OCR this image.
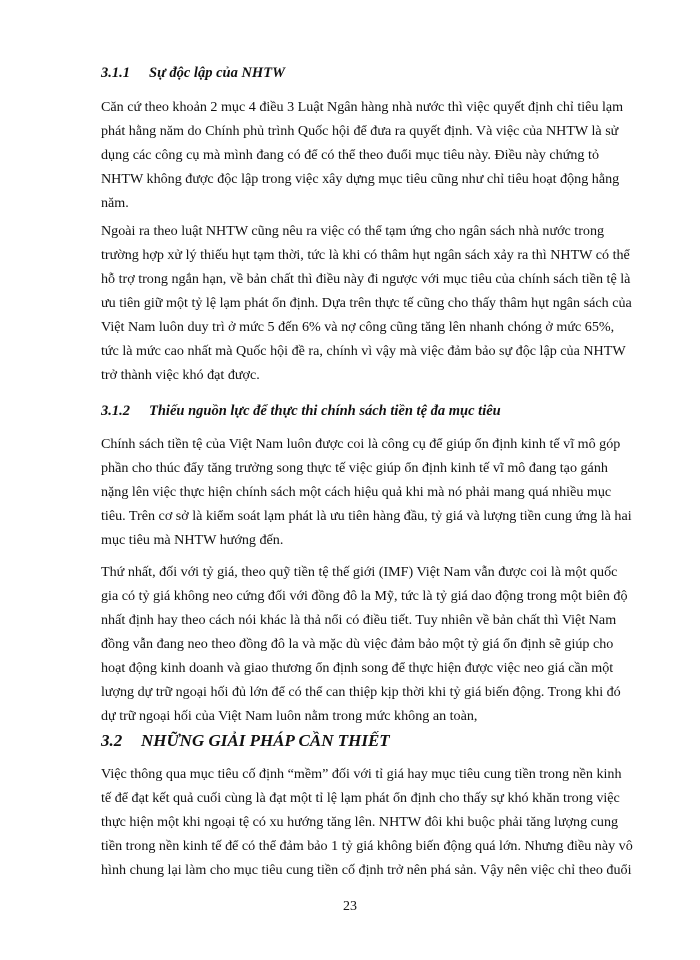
3.1.1 Sự độc lập của NHTW
Căn cứ theo khoản 2 mục 4 điều 3 Luật Ngân hàng nhà nước thì việc quyết định chỉ tiêu lạm
phát hằng năm do Chính phủ trình Quốc hội để đưa ra quyết định. Và việc của NHTW là sử
dụng các công cụ mà mình đang có để có thể theo đuổi mục tiêu này. Điều này chứng tỏ
NHTW không được độc lập trong việc xây dựng mục tiêu cũng như chỉ tiêu hoạt động hằng
năm.
Ngoài ra theo luật NHTW cũng nêu ra việc có thể tạm ứng cho ngân sách nhà nước trong
trường hợp xử lý thiếu hụt tạm thời, tức là khi có thâm hụt ngân sách xảy ra thì NHTW có thể
hỗ trợ trong ngắn hạn, về bản chất thì điều này đi ngược với mục tiêu của chính sách tiền tệ là
ưu tiên giữ một tỷ lệ lạm phát ổn định. Dựa trên thực tế cũng cho thấy thâm hụt ngân sách của
Việt Nam luôn duy trì ở mức 5 đến 6% và nợ công cũng tăng lên nhanh chóng ở mức 65%,
tức là mức cao nhất mà Quốc hội đề ra, chính vì vậy mà việc đảm bảo sự độc lập của NHTW
trở thành việc khó đạt được.
3.1.2 Thiếu nguồn lực để thực thi chính sách tiền tệ đa mục tiêu
Chính sách tiền tệ của Việt Nam luôn được coi là công cụ để giúp ổn định kinh tế vĩ mô góp
phần cho thúc đẩy tăng trưởng song thực tế việc giúp ổn định kinh tế vĩ mô đang tạo gánh
nặng lên việc thực hiện chính sách một cách hiệu quả khi mà nó phải mang quá nhiều mục
tiêu. Trên cơ sở là kiểm soát lạm phát là ưu tiên hàng đầu, tỷ giá và lượng tiền cung ứng là hai
mục tiêu mà NHTW hướng đến.
Thứ nhất, đối với tỷ giá, theo quỹ tiền tệ thế giới (IMF) Việt Nam vẫn được coi là một quốc
gia có tỷ giá không neo cứng đối với đồng đô la Mỹ, tức là tỷ giá dao động trong một biên độ
nhất định hay theo cách nói khác là thả nổi có điều tiết. Tuy nhiên về bản chất thì Việt Nam
đồng vẫn đang neo theo đồng đô la và mặc dù việc đảm bảo một tỷ giá ổn định sẽ giúp cho
hoạt động kinh doanh và giao thương ổn định song để thực hiện được việc neo giá cần một
lượng dự trữ ngoại hối đủ lớn để có thể can thiệp kịp thời khi tỷ giá biến động. Trong khi đó
dự trữ ngoại hối của Việt Nam luôn nằm trong mức không an toàn,
3.2 NHỮNG GIẢI PHÁP CẦN THIẾT
Việc thông qua mục tiêu cố định “mềm” đối với tỉ giá hay mục tiêu cung tiền trong nền kinh
tế để đạt kết quả cuối cùng là đạt một tỉ lệ lạm phát ổn định cho thấy sự khó khăn trong việc
thực hiện một khi ngoại tệ có xu hướng tăng lên. NHTW đôi khi buộc phải tăng lượng cung
tiền trong nền kinh tế để có thể đảm bảo 1 tỷ giá không biến động quá lớn. Nhưng điều này vô
hình chung lại làm cho mục tiêu cung tiền cố định trở nên phá sản. Vậy nên việc chỉ theo đuổi
23
